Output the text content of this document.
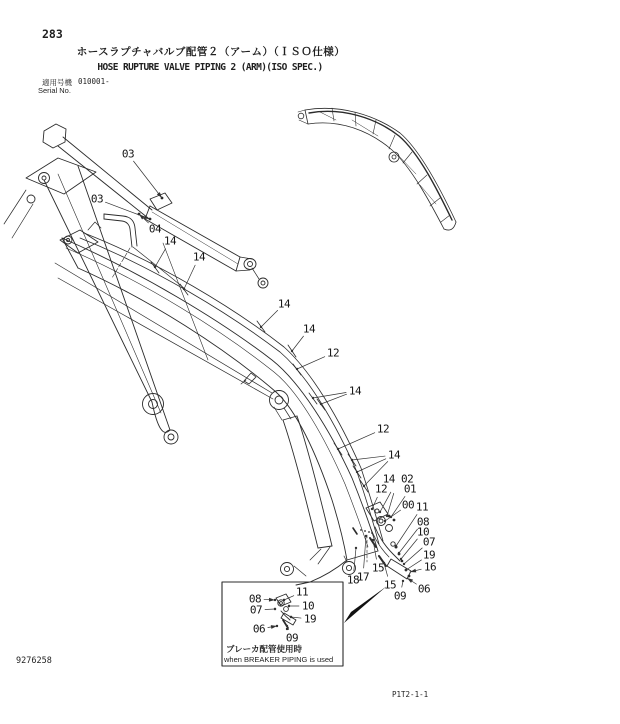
283
ホースラプチャバルブ配管２（アーム）（ＩＳＯ仕様）
HOSE RUPTURE VALVE PIPING 2 (ARM)(ISO SPEC.)
適用号機 010001-
Serial No.
ブレーカ配管使用時
when BREAKER PIPING is used
9276258
P1T2-1-1
03
03
04
14
14
14
14
12
14
12
14
14 02
12 01
00 11
08
10
07
19
16
06
09
15
15
17
18
08
11
10
07
19
06
09
